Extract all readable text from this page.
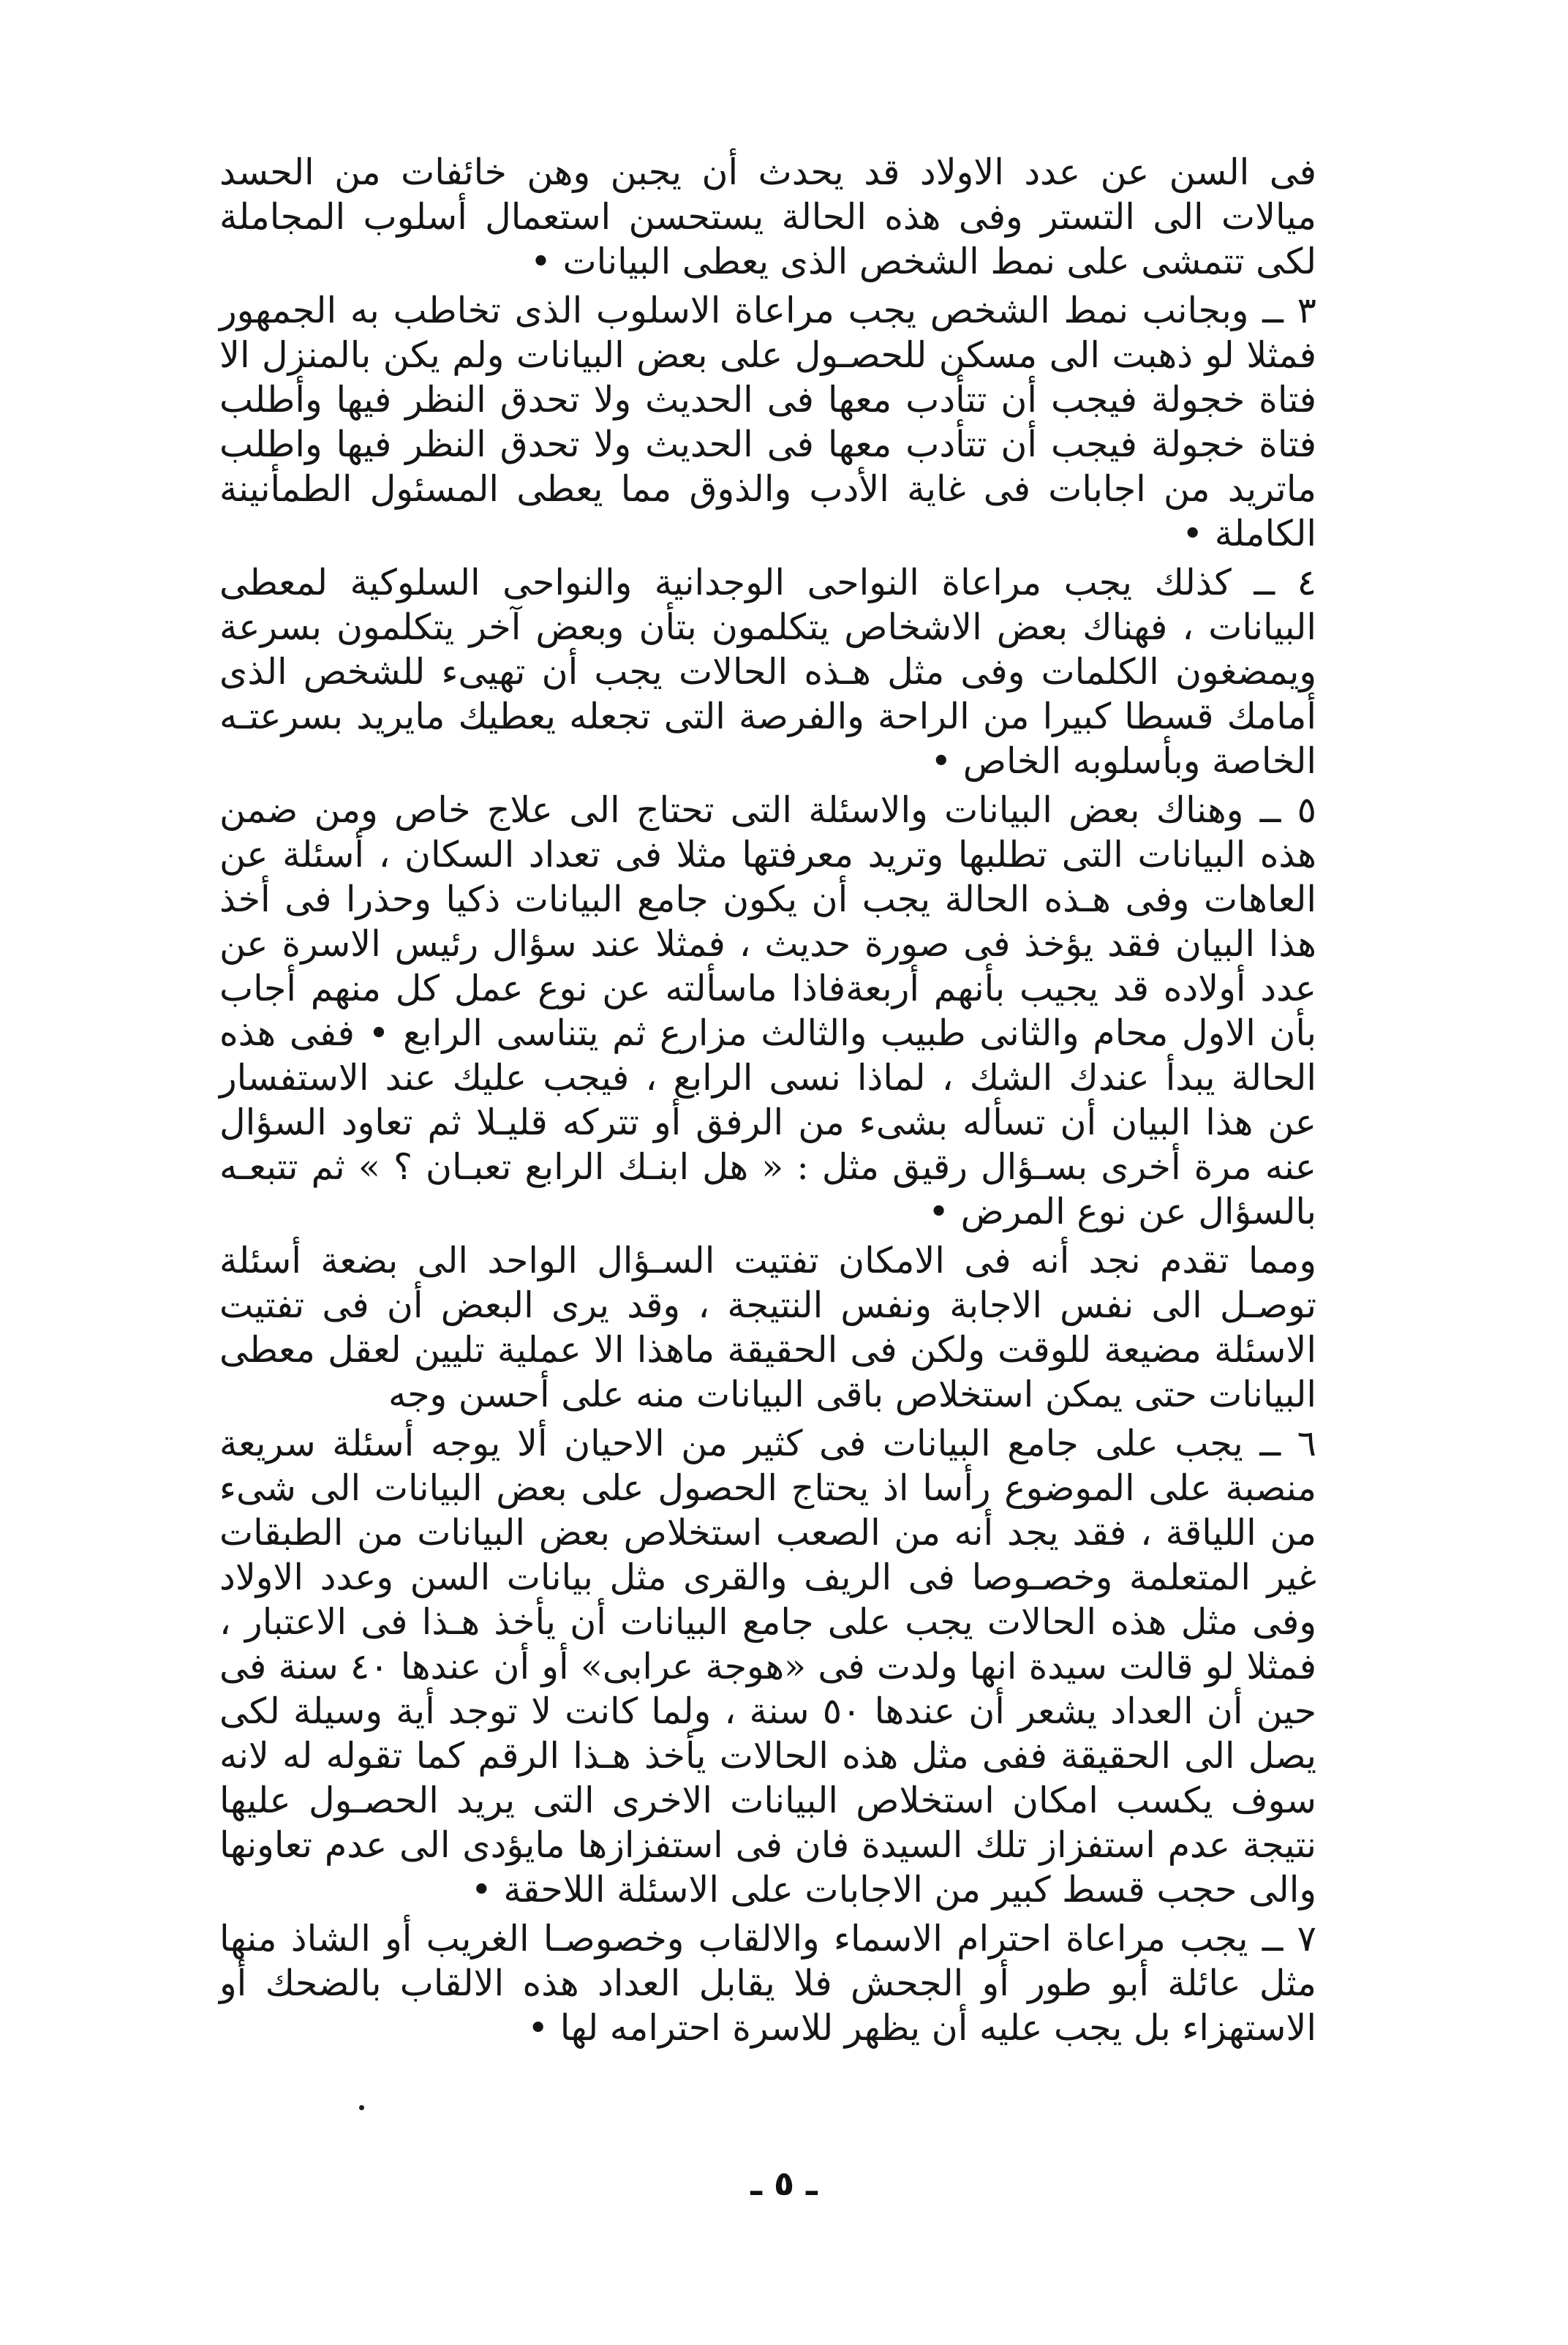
فى السن عن عدد الاولاد قد يحدث أن يجبن وهن خائفات من الحسد ميالات الى التستر وفى هذه الحالة يستحسن استعمال أسلوب المجاملة لكى تتمشى على نمط الشخص الذى يعطى البيانات •

٣ ــ وبجانب نمط الشخص يجب مراعاة الاسلوب الذى تخاطب به الجمهور فمثلا لو ذهبت الى مسكن للحصـول على بعض البيانات ولم يكن بالمنزل الا فتاة خجولة فيجب أن تتأدب معها فى الحديث ولا تحدق النظر فيها وأطلب فتاة خجولة فيجب أن تتأدب معها فى الحديث ولا تحدق النظر فيها واطلب ماتريد من اجابات فى غاية الأدب والذوق مما يعطى المسئول الطمأنينة الكاملة •

٤ ــ كذلك يجب مراعاة النواحى الوجدانية والنواحى السلوكية لمعطى البيانات ، فهناك بعض الاشخاص يتكلمون بتأن وبعض آخر يتكلمون بسرعة ويمضغون الكلمات وفى مثل هـذه الحالات يجب أن تهيىء للشخص الذى أمامك قسطا كبيرا من الراحة والفرصة التى تجعله يعطيك مايريد بسرعتـه الخاصة وبأسلوبه الخاص •

٥ ــ وهناك بعض البيانات والاسئلة التى تحتاج الى علاج خاص ومن ضمن هذه البيانات التى تطلبها وتريد معرفتها مثلا فى تعداد السكان ، أسئلة عن العاهات وفى هـذه الحالة يجب أن يكون جامع البيانات ذكيا وحذرا فى أخذ هذا البيان فقد يؤخذ فى صورة حديث ، فمثلا عند سؤال رئيس الاسرة عن عدد أولاده قد يجيب بأنهم أربعةفاذا ماسألته عن نوع عمل كل منهم أجاب بأن الاول محام والثانى طبيب والثالث مزارع ثم يتناسى الرابع • ففى هذه الحالة يبدأ عندك الشك ، لماذا نسى الرابع ، فيجب عليك عند الاستفسار عن هذا البيان أن تسأله بشىء من الرفق أو تتركه قليـلا ثم تعاود السؤال عنه مرة أخرى بسـؤال رقيق مثل : « هل ابنـك الرابع تعبـان ؟ » ثم تتبعـه بالسؤال عن نوع المرض •

ومما تقدم نجد أنه فى الامكان تفتيت السـؤال الواحد الى بضعة أسئلة توصـل الى نفس الاجابة ونفس النتيجة ، وقد يرى البعض أن فى تفتيت الاسئلة مضيعة للوقت ولكن فى الحقيقة ماهذا الا عملية تليين لعقل معطى البيانات حتى يمكن استخلاص باقى البيانات منه على أحسن وجه

٦ ــ يجب على جامع البيانات فى كثير من الاحيان ألا يوجه أسئلة سريعة منصبة على الموضوع رأسا اذ يحتاج الحصول على بعض البيانات الى شىء من اللياقة ، فقد يجد أنه من الصعب استخلاص بعض البيانات من الطبقات غير المتعلمة وخصـوصا فى الريف والقرى مثل بيانات السن وعدد الاولاد وفى مثل هذه الحالات يجب على جامع البيانات أن يأخذ هـذا فى الاعتبار ، فمثلا لو قالت سيدة انها ولدت فى «هوجة عرابى» أو أن عندها ٤٠ سنة فى حين أن العداد يشعر أن عندها ٥٠ سنة ، ولما كانت لا توجد أية وسيلة لكى يصل الى الحقيقة ففى مثل هذه الحالات يأخذ هـذا الرقم كما تقوله له لانه سوف يكسب امكان استخلاص البيانات الاخرى التى يريد الحصـول عليها نتيجة عدم استفزاز تلك السيدة فان فى استفزازها مايؤدى الى عدم تعاونها والى حجب قسط كبير من الاجابات على الاسئلة اللاحقة •

٧ ــ يجب مراعاة احترام الاسماء والالقاب وخصوصـا الغريب أو الشاذ منها مثل عائلة أبو طور أو الجحش فلا يقابل العداد هذه الالقاب بالضحك أو الاستهزاء بل يجب عليه أن يظهر للاسرة احترامه لها •

ـ ٥ ـ
